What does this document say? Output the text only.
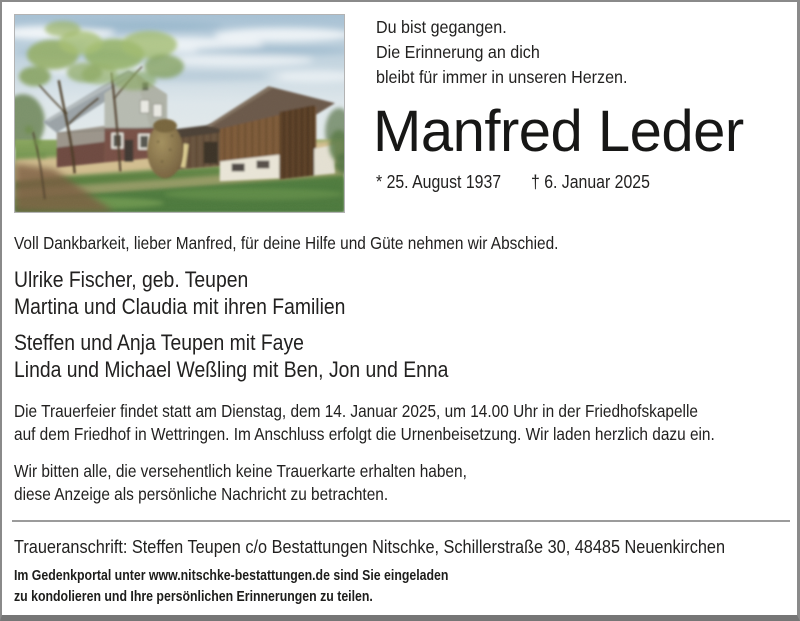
Du bist gegangen.
Die Erinnerung an dich
bleibt für immer in unseren Herzen.
Manfred Leder
* 25. August 1937 † 6. Januar 2025
Voll Dankbarkeit, lieber Manfred, für deine Hilfe und Güte nehmen wir Abschied.
Ulrike Fischer, geb. Teupen
Martina und Claudia mit ihren Familien
Steffen und Anja Teupen mit Faye
Linda und Michael Weßling mit Ben, Jon und Enna
Die Trauerfeier findet statt am Dienstag, dem 14. Januar 2025, um 14.00 Uhr in der Friedhofskapelle
auf dem Friedhof in Wettringen. Im Anschluss erfolgt die Urnenbeisetzung. Wir laden herzlich dazu ein.
Wir bitten alle, die versehentlich keine Trauerkarte erhalten haben,
diese Anzeige als persönliche Nachricht zu betrachten.
Traueranschrift: Steffen Teupen c/o Bestattungen Nitschke, Schillerstraße 30, 48485 Neuenkirchen
Im Gedenkportal unter www.nitschke-bestattungen.de sind Sie eingeladen
zu kondolieren und Ihre persönlichen Erinnerungen zu teilen.
